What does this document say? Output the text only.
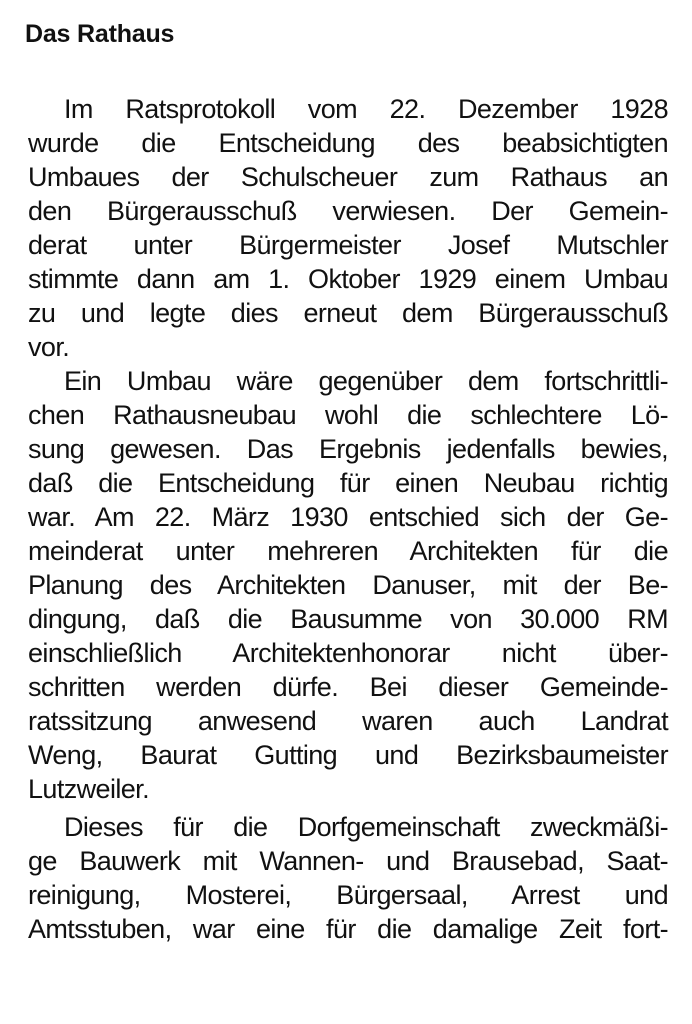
Das Rathaus

Im Ratsprotokoll vom 22. Dezember 1928

wurde die Entscheidung des beabsichtigten

Umbaues der Schulscheuer zum Rathaus an

den Bürgerausschuß verwiesen. Der Gemein-

derat unter Bürgermeister Josef Mutschler

stimmte dann am 1. Oktober 1929 einem Umbau

zu und legte dies erneut dem Bürgerausschuß

vor.

Ein Umbau wäre gegenüber dem fortschrittli-

chen Rathausneubau wohl die schlechtere Lö-

sung gewesen. Das Ergebnis jedenfalls bewies,

daß die Entscheidung für einen Neubau richtig

war. Am 22. März 1930 entschied sich der Ge-

meinderat unter mehreren Architekten für die

Planung des Architekten Danuser, mit der Be-

dingung, daß die Bausumme von 30.000 RM

einschließlich Architektenhonorar nicht über-

schritten werden dürfe. Bei dieser Gemeinde-

ratssitzung anwesend waren auch Landrat

Weng, Baurat Gutting und Bezirksbaumeister

Lutzweiler.

Dieses für die Dorfgemeinschaft zweckmäßi-

ge Bauwerk mit Wannen- und Brausebad, Saat-

reinigung, Mosterei, Bürgersaal, Arrest und

Amtsstuben, war eine für die damalige Zeit fort-
